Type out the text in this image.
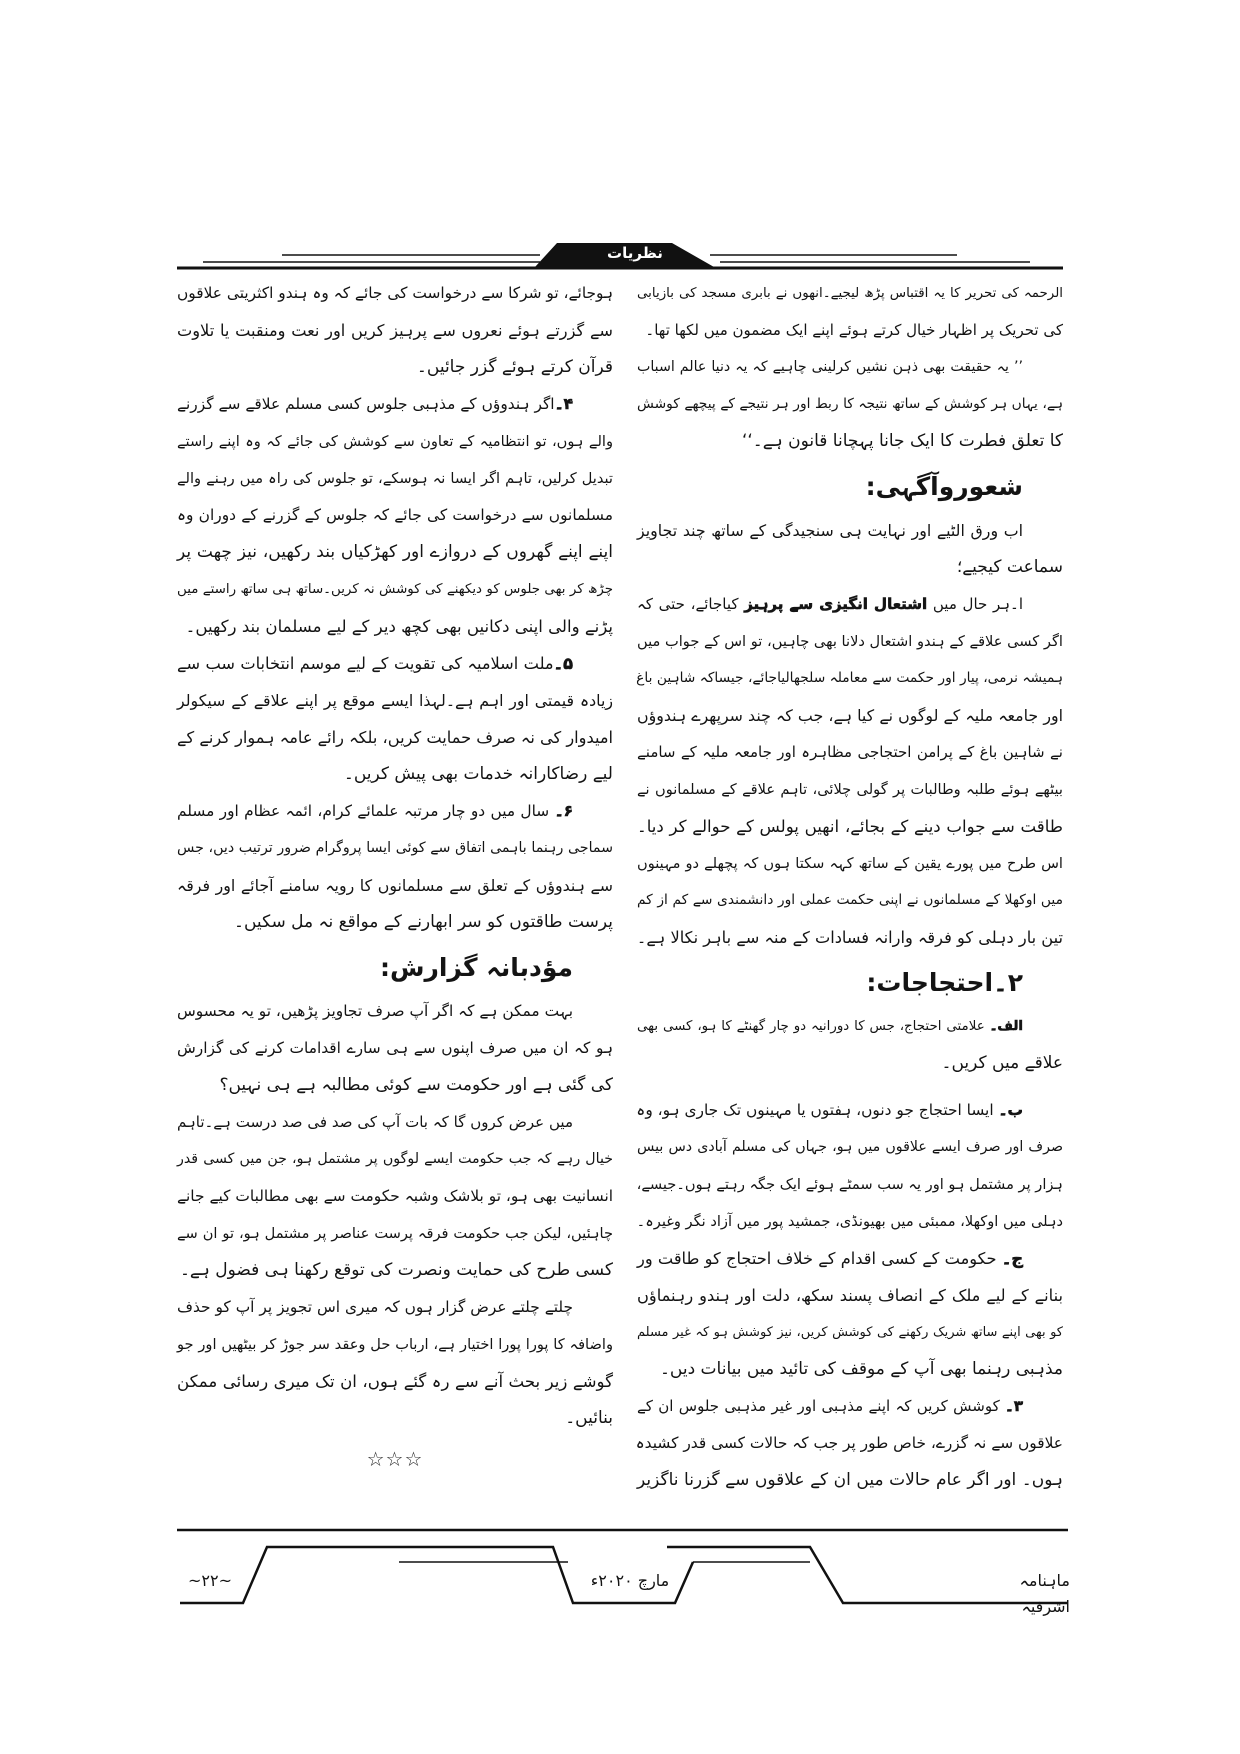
نظریات
الرحمہ کی تحریر کا یہ اقتباس پڑھ لیجیے۔انھوں نے بابری مسجد کی بازیابی
کی تحریک پر اظہار خیال کرتے ہوئے اپنے ایک مضمون میں لکھا تھا۔
’’ یہ حقیقت بھی ذہن نشیں کرلینی چاہیے کہ یہ دنیا عالم اسباب
ہے، یہاں ہر کوشش کے ساتھ نتیجہ کا ربط اور ہر نتیجے کے پیچھے کوشش
کا تعلق فطرت کا ایک جانا پہچانا قانون ہے۔‘‘
شعوروآگہی:
اب ورق الٹیے اور نہایت ہی سنجیدگی کے ساتھ چند تجاویز
سماعت کیجیے؛
ا۔ہر حال میں اشتعال انگیزی سے پرہیز کیاجائے، حتی کہ
اگر کسی علاقے کے ہندو اشتعال دلانا بھی چاہیں، تو اس کے جواب میں
ہمیشہ نرمی، پیار اور حکمت سے معاملہ سلجھالیاجائے، جیساکہ شاہین باغ
اور جامعہ ملیہ کے لوگوں نے کیا ہے، جب کہ چند سرپھرے ہندوؤں
نے شاہین باغ کے پرامن احتجاجی مظاہرہ اور جامعہ ملیہ کے سامنے
بیٹھے ہوئے طلبہ وطالبات پر گولی چلائی، تاہم علاقے کے مسلمانوں نے
طاقت سے جواب دینے کے بجائے، انھیں پولس کے حوالے کر دیا۔
اس طرح میں پورے یقین کے ساتھ کہہ سکتا ہوں کہ پچھلے دو مہینوں
میں اوکھلا کے مسلمانوں نے اپنی حکمت عملی اور دانشمندی سے کم از کم
تین بار دہلی کو فرقہ وارانہ فسادات کے منہ سے باہر نکالا ہے۔
۲۔احتجاجات:
الف۔ علامتی احتجاج، جس کا دورانیہ دو چار گھنٹے کا ہو، کسی بھی
علاقے میں کریں۔
ب۔ ایسا احتجاج جو دنوں، ہفتوں یا مہینوں تک جاری ہو، وہ
صرف اور صرف ایسے علاقوں میں ہو، جہاں کی مسلم آبادی دس بیس
ہزار پر مشتمل ہو اور یہ سب سمٹے ہوئے ایک جگہ رہتے ہوں۔جیسے،
دہلی میں اوکھلا، ممبئی میں بھیونڈی، جمشید پور میں آزاد نگر وغیرہ۔
ج۔ حکومت کے کسی اقدام کے خلاف احتجاج کو طاقت ور
بنانے کے لیے ملک کے انصاف پسند سکھ، دلت اور ہندو رہنماؤں
کو بھی اپنے ساتھ شریک رکھنے کی کوشش کریں، نیز کوشش ہو کہ غیر مسلم
مذہبی رہنما بھی آپ کے موقف کی تائید میں بیانات دیں۔
۳۔ کوشش کریں کہ اپنے مذہبی اور غیر مذہبی جلوس ان کے
علاقوں سے نہ گزرے، خاص طور پر جب کہ حالات کسی قدر کشیدہ
ہوں۔ اور اگر عام حالات میں ان کے علاقوں سے گزرنا ناگزیر
ہوجائے، تو شرکا سے درخواست کی جائے کہ وہ ہندو اکثریتی علاقوں
سے گزرتے ہوئے نعروں سے پرہیز کریں اور نعت ومنقبت یا تلاوت
قرآن کرتے ہوئے گزر جائیں۔
۴۔اگر ہندوؤں کے مذہبی جلوس کسی مسلم علاقے سے گزرنے
والے ہوں، تو انتظامیہ کے تعاون سے کوشش کی جائے کہ وہ اپنے راستے
تبدیل کرلیں، تاہم اگر ایسا نہ ہوسکے، تو جلوس کی راہ میں رہنے والے
مسلمانوں سے درخواست کی جائے کہ جلوس کے گزرنے کے دوران وہ
اپنے اپنے گھروں کے دروازے اور کھڑکیاں بند رکھیں، نیز چھت پر
چڑھ کر بھی جلوس کو دیکھنے کی کوشش نہ کریں۔ساتھ ہی ساتھ راستے میں
پڑنے والی اپنی دکانیں بھی کچھ دیر کے لیے مسلمان بند رکھیں۔
۵۔ملت اسلامیہ کی تقویت کے لیے موسم انتخابات سب سے
زیادہ قیمتی اور اہم ہے۔لہذا ایسے موقع پر اپنے علاقے کے سیکولر
امیدوار کی نہ صرف حمایت کریں، بلکہ رائے عامہ ہموار کرنے کے
لیے رضاکارانہ خدمات بھی پیش کریں۔
۶۔ سال میں دو چار مرتبہ علمائے کرام، ائمہ عظام اور مسلم
سماجی رہنما باہمی اتفاق سے کوئی ایسا پروگرام ضرور ترتیب دیں، جس
سے ہندوؤں کے تعلق سے مسلمانوں کا رویہ سامنے آجائے اور فرقہ
پرست طاقتوں کو سر ابھارنے کے مواقع نہ مل سکیں۔
مؤدبانہ گزارش:
بہت ممکن ہے کہ اگر آپ صرف تجاویز پڑھیں، تو یہ محسوس
ہو کہ ان میں صرف اپنوں سے ہی سارے اقدامات کرنے کی گزارش
کی گئی ہے اور حکومت سے کوئی مطالبہ ہے ہی نہیں؟
میں عرض کروں گا کہ بات آپ کی صد فی صد درست ہے۔تاہم
خیال رہے کہ جب حکومت ایسے لوگوں پر مشتمل ہو، جن میں کسی قدر
انسانیت بھی ہو، تو بلاشک وشبہ حکومت سے بھی مطالبات کیے جانے
چاہئیں، لیکن جب حکومت فرقہ پرست عناصر پر مشتمل ہو، تو ان سے
کسی طرح کی حمایت ونصرت کی توقع رکھنا ہی فضول ہے۔
چلتے چلتے عرض گزار ہوں کہ میری اس تجویز پر آپ کو حذف
واضافہ کا پورا پورا اختیار ہے، ارباب حل وعقد سر جوڑ کر بیٹھیں اور جو
گوشے زیر بحث آنے سے رہ گئے ہوں، ان تک میری رسائی ممکن
بنائیں۔
☆☆☆
ماہنامہ اشرفیہ
مارچ ۲۰۲۰ء
~۲۲~
